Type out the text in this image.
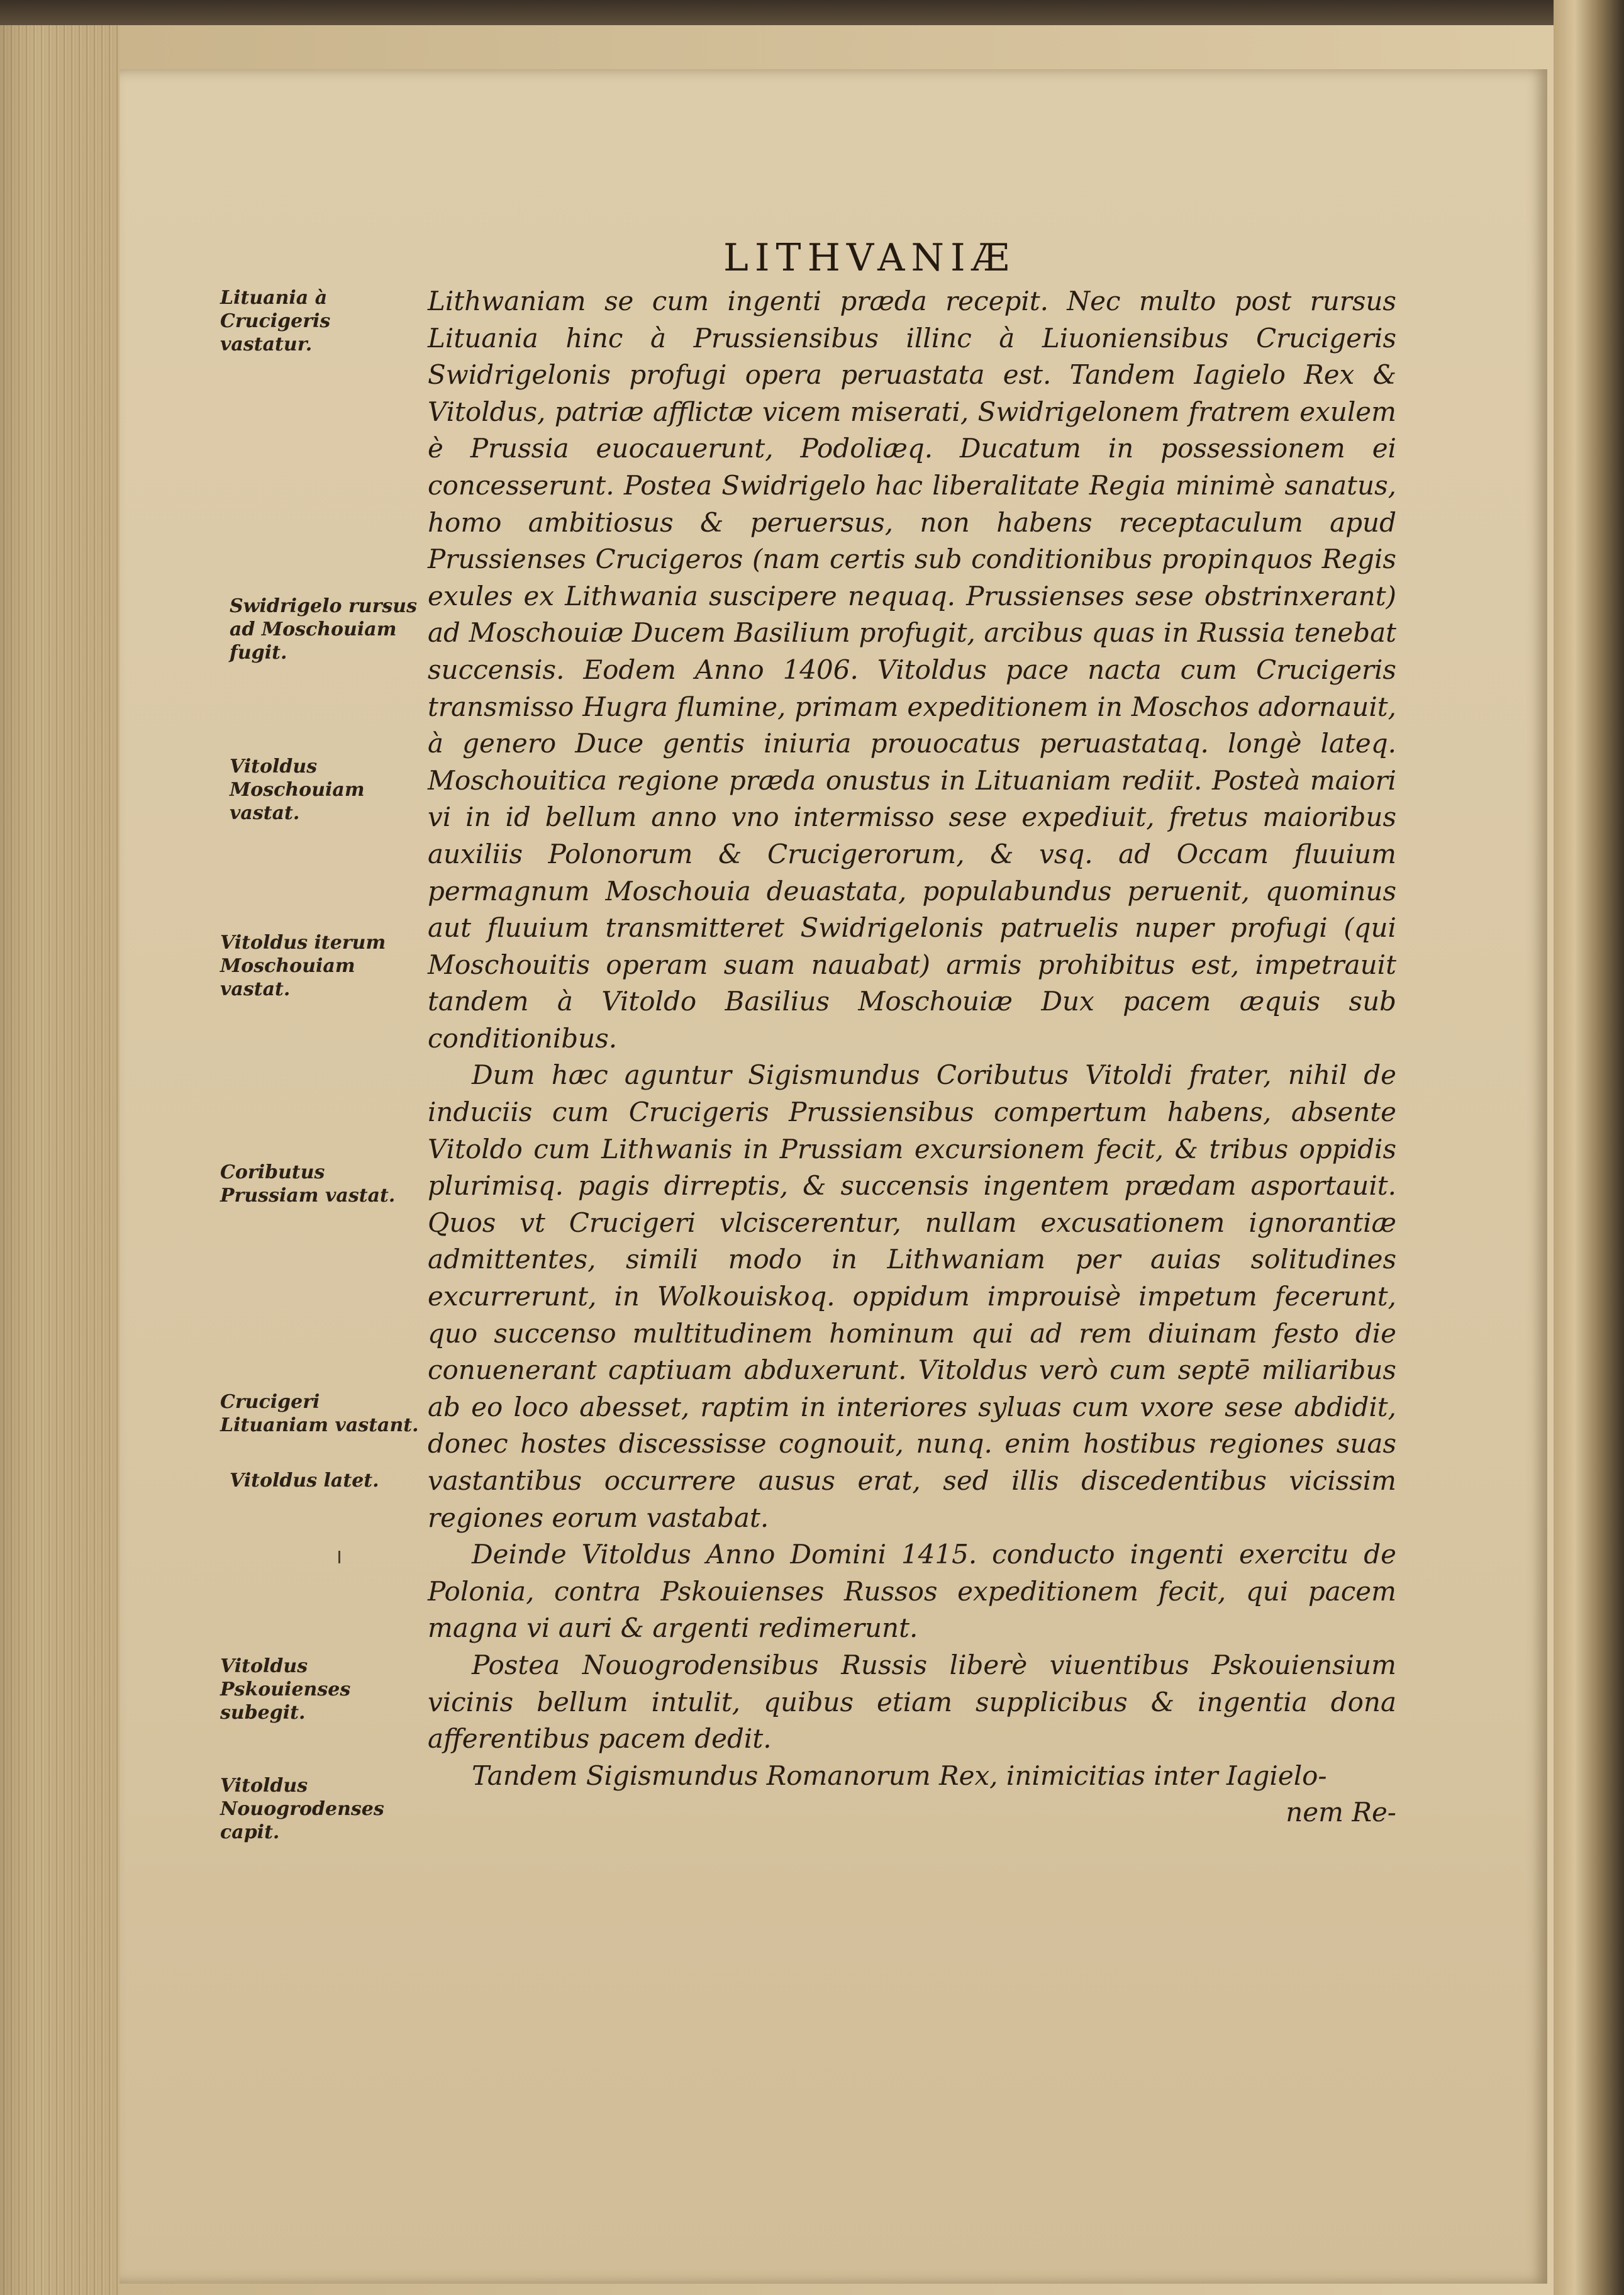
LITHVANIÆ
Lituania à Crucigeris vastatur.
Swidrigelo rursus ad Moschouiam fugit.
Vitoldus Moschouiam vastat.
Vitoldus iterum Moschouiam vastat.
Coributus Prussiam vastat.
Crucigeri Lituaniam vastant.
Vitoldus latet.
Vitoldus Pskouienses subegit.
Vitoldus Nouogrodenses capit.

Lithwaniam se cum ingenti præda recepit. Nec multo post rursus Lituania hinc à Prussiensibus illinc à Liuoniensibus Crucigeris Swidrigelonis profugi opera peruastata est. Tandem Iagielo Rex & Vitoldus, patriæ afflictæ vicem miserati, Swidrigelonem fratrem exulem è Prussia euocauerunt, Podoliæq. Ducatum in possessionem ei concesserunt. Postea Swidrigelo hac liberalitate Regia minimè sanatus, homo ambitiosus & peruersus, non habens receptaculum apud Prussienses Crucigeros (nam certis sub conditionibus propinquos Regis exules ex Lithwania suscipere nequaq. Prussienses sese obstrinxerant) ad Moschouiæ Ducem Basilium profugit, arcibus quas in Russia tenebat succensis. Eodem Anno 1406. Vitoldus pace nacta cum Crucigeris transmisso Hugra flumine, primam expeditionem in Moschos adornauit, à genero Duce gentis iniuria prouocatus peruastataq. longè lateq. Moschouitica regione præda onustus in Lituaniam rediit. Posteà maiori vi in id bellum anno vno intermisso sese expediuit, fretus maioribus auxiliis Polonorum & Crucigerorum, & vsq. ad Occam fluuium permagnum Moschouia deuastata, populabundus peruenit, quominus aut fluuium transmitteret Swidrigelonis patruelis nuper profugi (qui Moschouitis operam suam nauabat) armis prohibitus est, impetrauit tandem à Vitoldo Basilius Moschouiæ Dux pacem æquis sub conditionibus.

Dum hæc aguntur Sigismundus Coributus Vitoldi frater, nihil de induciis cum Crucigeris Prussiensibus compertum habens, absente Vitoldo cum Lithwanis in Prussiam excursionem fecit, & tribus oppidis plurimisq. pagis dirreptis, & succensis ingentem prædam asportauit. Quos vt Crucigeri vlciscerentur, nullam excusationem ignorantiæ admittentes, simili modo in Lithwaniam per auias solitudines excurrerunt, in Wolkouiskoq. oppidum improuisè impetum fecerunt, quo succenso multitudinem hominum qui ad rem diuinam festo die conuenerant captiuam abduxerunt. Vitoldus verò cum septē miliaribus ab eo loco abesset, raptim in interiores syluas cum vxore sese abdidit, donec hostes discessisse cognouit, nunq. enim hostibus regiones suas vastantibus occurrere ausus erat, sed illis discedentibus vicissim regiones eorum vastabat.

Deinde Vitoldus Anno Domini 1415. conducto ingenti exercitu de Polonia, contra Pskouienses Russos expeditionem fecit, qui pacem magna vi auri & argenti redimerunt.

Postea Nouogrodensibus Russis liberè viuentibus Pskouiensium vicinis bellum intulit, quibus etiam supplicibus & ingentia dona afferentibus pacem dedit.

Tandem Sigismundus Romanorum Rex, inimicitias inter Iagielo-

nem Re-
